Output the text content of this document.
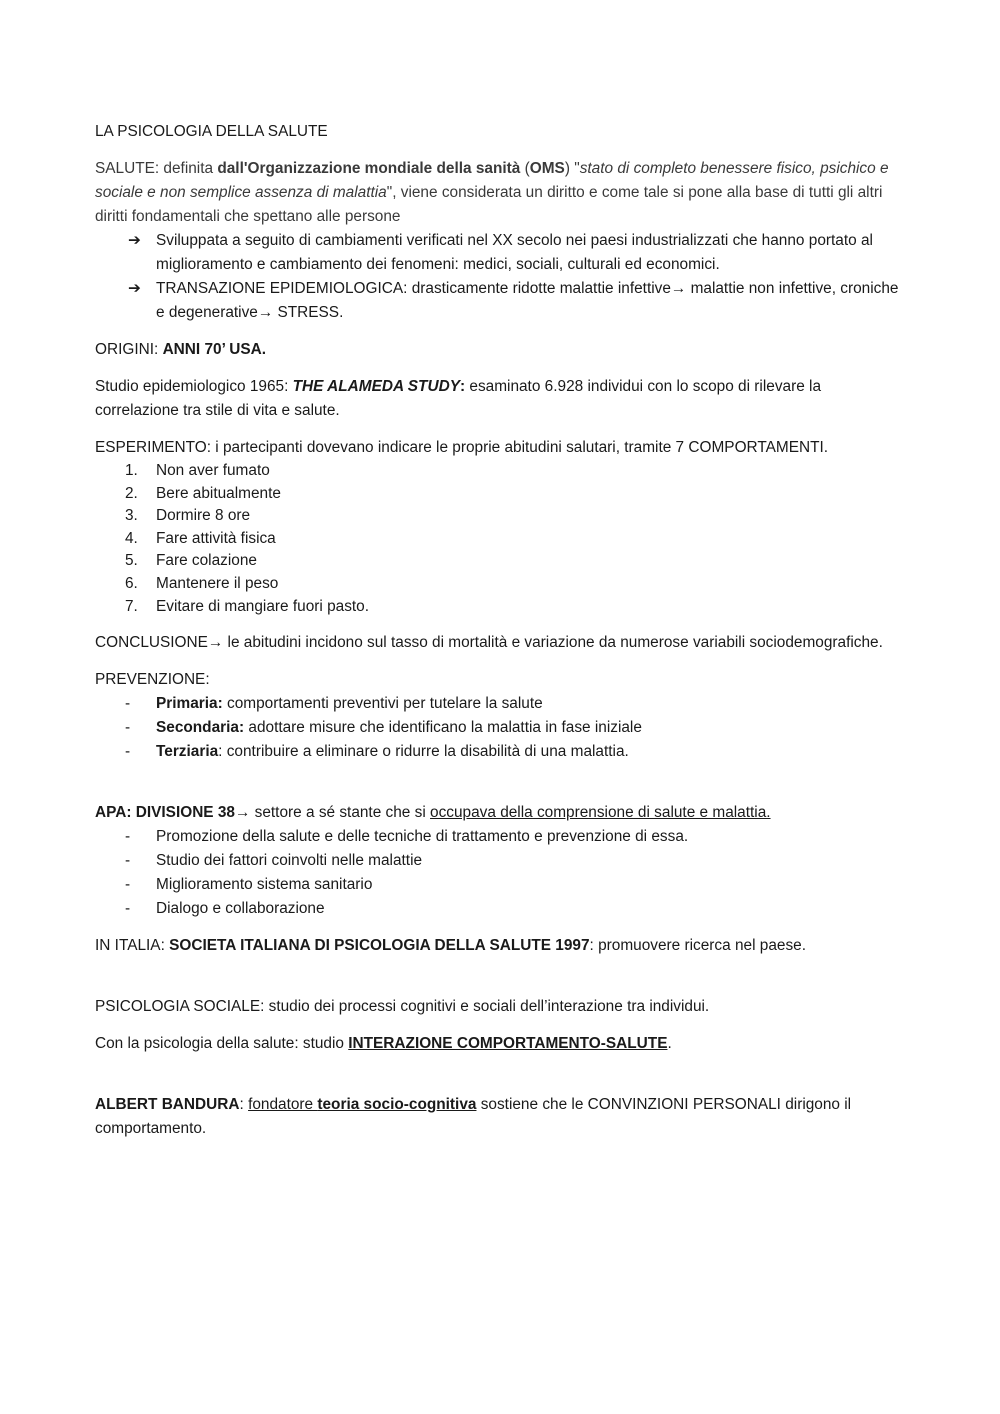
LA PSICOLOGIA DELLA SALUTE

SALUTE: definita dall'Organizzazione mondiale della sanità (OMS) "stato di completo benessere fisico, psichico e sociale e non semplice assenza di malattia", viene considerata un diritto e come tale si pone alla base di tutti gli altri diritti fondamentali che spettano alle persone

➔ Sviluppata a seguito di cambiamenti verificati nel XX secolo nei paesi industrializzati che hanno portato al miglioramento e cambiamento dei fenomeni: medici, sociali, culturali ed economici.
➔ TRANSAZIONE EPIDEMIOLOGICA: drasticamente ridotte malattie infettive→ malattie non infettive, croniche e degenerative→ STRESS.

ORIGINI: ANNI 70’ USA.

Studio epidemiologico 1965: THE ALAMEDA STUDY: esaminato 6.928 individui con lo scopo di rilevare la correlazione tra stile di vita e salute.

ESPERIMENTO: i partecipanti dovevano indicare le proprie abitudini salutari, tramite 7 COMPORTAMENTI.

1. Non aver fumato
2. Bere abitualmente
3. Dormire 8 ore
4. Fare attività fisica
5. Fare colazione
6. Mantenere il peso
7. Evitare di mangiare fuori pasto.

CONCLUSIONE→ le abitudini incidono sul tasso di mortalità e variazione da numerose variabili sociodemografiche.

PREVENZIONE:

- Primaria: comportamenti preventivi per tutelare la salute
- Secondaria: adottare misure che identificano la malattia in fase iniziale
- Terziaria: contribuire a eliminare o ridurre la disabilità di una malattia.

APA: DIVISIONE 38→ settore a sé stante che si occupava della comprensione di salute e malattia.

- Promozione della salute e delle tecniche di trattamento e prevenzione di essa.
- Studio dei fattori coinvolti nelle malattie
- Miglioramento sistema sanitario
- Dialogo e collaborazione

IN ITALIA: SOCIETA ITALIANA DI PSICOLOGIA DELLA SALUTE 1997: promuovere ricerca nel paese.

PSICOLOGIA SOCIALE: studio dei processi cognitivi e sociali dell’interazione tra individui.

Con la psicologia della salute: studio INTERAZIONE COMPORTAMENTO-SALUTE.

ALBERT BANDURA: fondatore teoria socio-cognitiva sostiene che le CONVINZIONI PERSONALI dirigono il comportamento.
